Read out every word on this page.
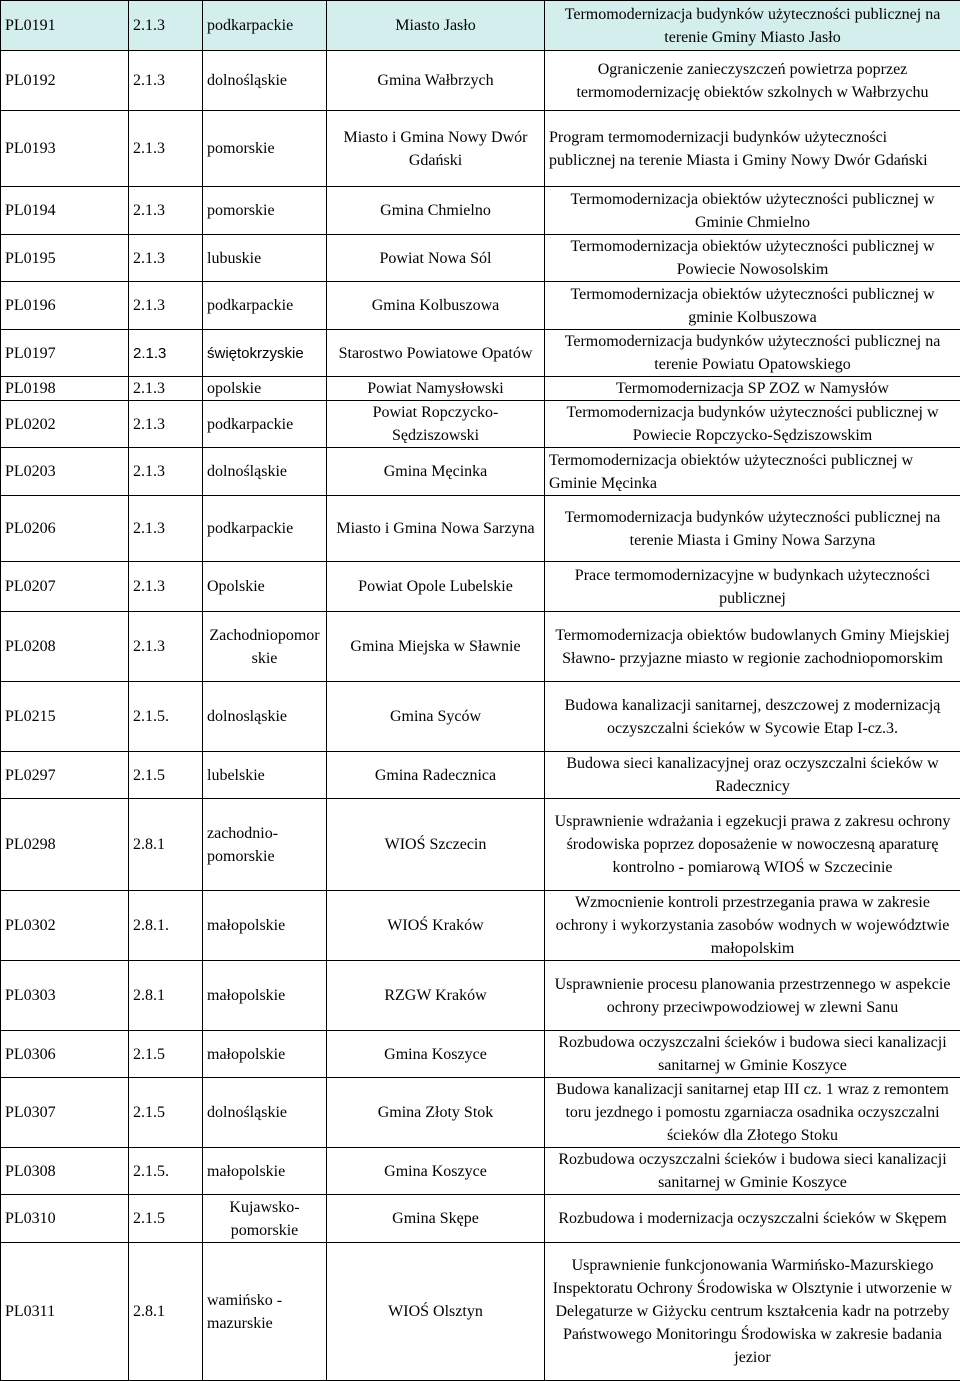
PL0191	2.1.3	podkarpackie	Miasto Jasło	Termomodernizacja budynków użyteczności publicznej na terenie Gminy Miasto Jasło
PL0192	2.1.3	dolnośląskie	Gmina Wałbrzych	Ograniczenie zanieczyszczeń powietrza poprzez termomodernizację obiektów szkolnych w Wałbrzychu
PL0193	2.1.3	pomorskie	Miasto i Gmina Nowy Dwór Gdański	Program termomodernizacji budynków użyteczności publicznej na terenie Miasta i Gminy Nowy Dwór Gdański
PL0194	2.1.3	pomorskie	Gmina Chmielno	Termomodernizacja obiektów użyteczności publicznej w Gminie Chmielno
PL0195	2.1.3	lubuskie	Powiat Nowa Sól	Termomodernizacja obiektów użyteczności publicznej w Powiecie Nowosolskim
PL0196	2.1.3	podkarpackie	Gmina Kolbuszowa	Termomodernizacja obiektów użyteczności publicznej w gminie Kolbuszowa
PL0197	2.1.3	świętokrzyskie	Starostwo Powiatowe Opatów	Termomodernizacja budynków użyteczności publicznej na terenie Powiatu Opatowskiego
PL0198	2.1.3	opolskie	Powiat Namysłowski	Termomodernizacja SP ZOZ w Namysłów
PL0202	2.1.3	podkarpackie	Powiat Ropczycko-Sędziszowski	Termomodernizacja budynków użyteczności publicznej w Powiecie Ropczycko-Sędziszowskim
PL0203	2.1.3	dolnośląskie	Gmina Męcinka	Termomodernizacja obiektów użyteczności publicznej w Gminie Męcinka
PL0206	2.1.3	podkarpackie	Miasto i Gmina Nowa Sarzyna	Termomodernizacja budynków użyteczności publicznej na terenie Miasta i Gminy Nowa Sarzyna
PL0207	2.1.3	Opolskie	Powiat Opole Lubelskie	Prace termomodernizacyjne w budynkach użyteczności publicznej
PL0208	2.1.3	Zachodniopomorskie	Gmina Miejska w Sławnie	Termomodernizacja obiektów budowlanych Gminy Miejskiej Sławno- przyjazne miasto w regionie zachodniopomorskim
PL0215	2.1.5.	dolnosląskie	Gmina Syców	Budowa kanalizacji sanitarnej, deszczowej z modernizacją oczyszczalni ścieków w Sycowie Etap I-cz.3.
PL0297	2.1.5	lubelskie	Gmina Radecznica	Budowa sieci kanalizacyjnej oraz oczyszczalni ścieków w Radecznicy
PL0298	2.8.1	zachodnio-pomorskie	WIOŚ Szczecin	Usprawnienie wdrażania i egzekucji prawa z zakresu ochrony środowiska poprzez doposażenie w nowoczesną aparaturę kontrolno - pomiarową WIOŚ w Szczecinie
PL0302	2.8.1.	małopolskie	WIOŚ Kraków	Wzmocnienie kontroli przestrzegania prawa w zakresie ochrony i wykorzystania zasobów wodnych w województwie małopolskim
PL0303	2.8.1	małopolskie	RZGW Kraków	Usprawnienie procesu planowania przestrzennego w aspekcie ochrony przeciwpowodziowej w zlewni Sanu
PL0306	2.1.5	małopolskie	Gmina Koszyce	Rozbudowa oczyszczalni ścieków i budowa sieci kanalizacji sanitarnej w Gminie Koszyce
PL0307	2.1.5	dolnośląskie	Gmina Złoty Stok	Budowa kanalizacji sanitarnej etap III cz. 1 wraz z remontem toru jezdnego i pomostu zgarniacza osadnika oczyszczalni ścieków dla Złotego Stoku
PL0308	2.1.5.	małopolskie	Gmina Koszyce	Rozbudowa oczyszczalni ścieków i budowa sieci kanalizacji sanitarnej w Gminie Koszyce
PL0310	2.1.5	Kujawsko-pomorskie	Gmina Skępe	Rozbudowa i modernizacja oczyszczalni ścieków w Skępem
PL0311	2.8.1	wamińsko - mazurskie	WIOŚ Olsztyn	Usprawnienie funkcjonowania Warmińsko-Mazurskiego Inspektoratu Ochrony Środowiska w Olsztynie i utworzenie w Delegaturze w Giżycku centrum kształcenia kadr na potrzeby Państwowego Monitoringu Środowiska w zakresie badania jezior
